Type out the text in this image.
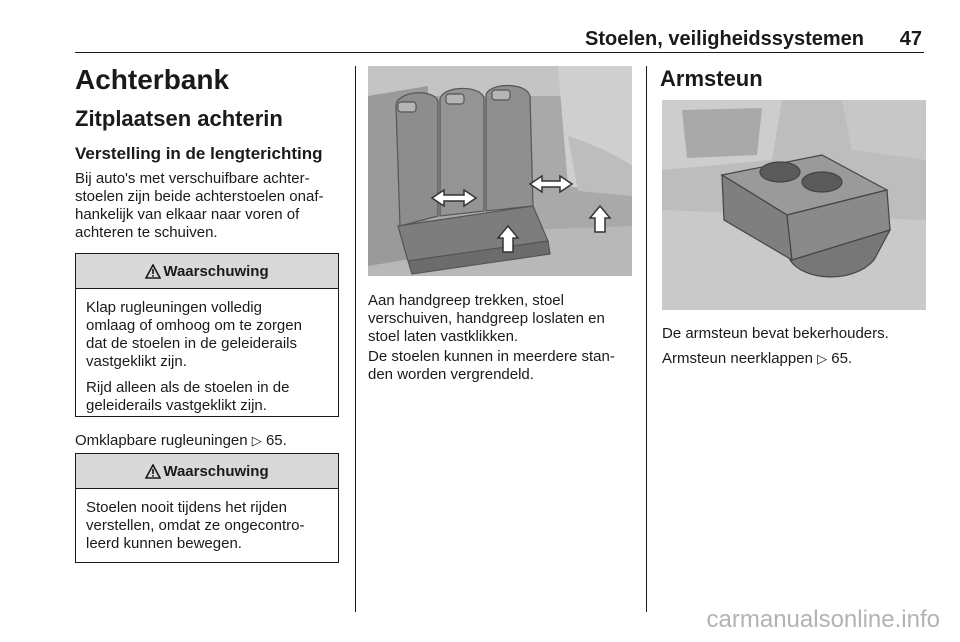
Stoelen, veiligheidssystemen 47
Achterbank
Zitplaatsen achterin
Verstelling in de lengterichting
Bij auto's met verschuifbare achter-
stoelen zijn beide achterstoelen onaf-
hankelijk van elkaar naar voren of
achteren te schuiven.
Waarschuwing

Klap rugleuningen volledig
omlaag of omhoog om te zorgen
dat de stoelen in de geleiderails
vastgeklikt zijn.

Rijd alleen als de stoelen in de
geleiderails vastgeklikt zijn.

Omklapbare rugleuningen ▷ 65.
Waarschuwing

Stoelen nooit tijdens het rijden
verstellen, omdat ze ongecontro-
leerd kunnen bewegen.

Aan handgreep trekken, stoel
verschuiven, handgreep loslaten en
stoel laten vastklikken.
De stoelen kunnen in meerdere stan-
den worden vergrendeld.
Armsteun
De armsteun bevat bekerhouders.
Armsteun neerklappen ▷ 65.
carmanualsonline.info
